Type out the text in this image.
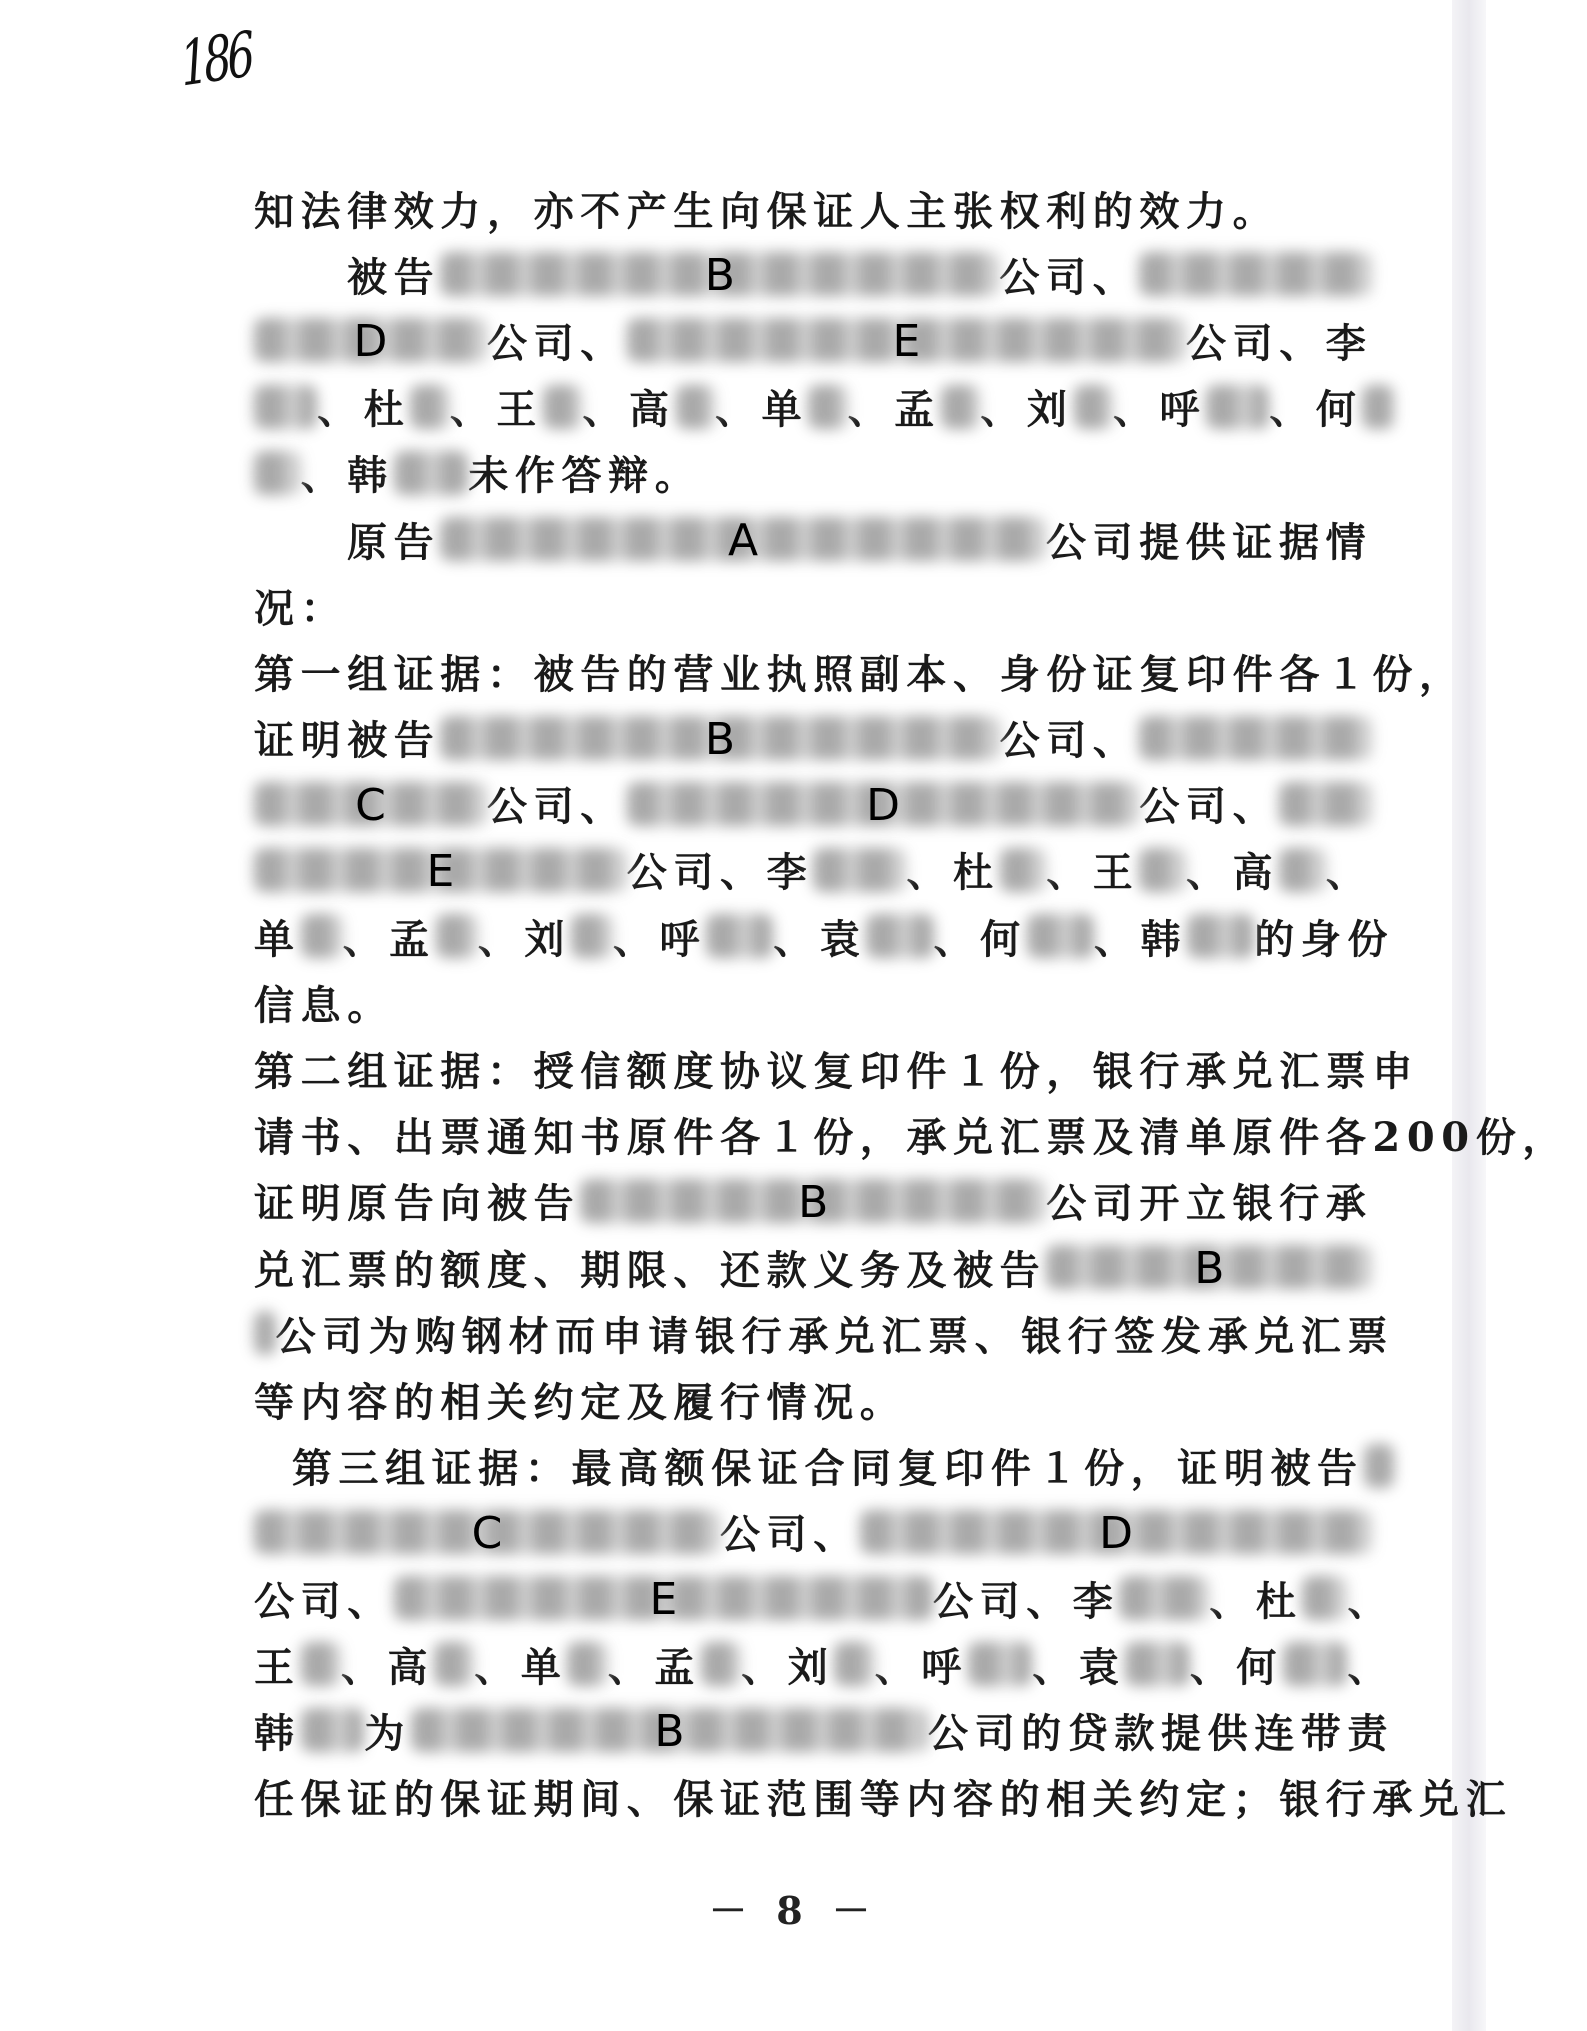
186
知法律效力，亦不产生向保证人主张权利的效力。
被告	B	公司、
D	公司、	E	公司、李
、杜 、王 、高 、单 、孟 、刘 、呼 、何
、韩 未作答辩。
原告	A	公司提供证据情
况：
第一组证据：被告的营业执照副本、身份证复印件各１份，
证明被告	B	公司、
C	公司、	D	公司、
E	公司、李 、杜 、王 、高 、
单 、孟 、刘 、呼 、袁 、何 、韩 的身份
信息。
第二组证据：授信额度协议复印件１份，银行承兑汇票申
请书、出票通知书原件各１份，承兑汇票及清单原件各200份，
证明原告向被告	B	公司开立银行承
兑汇票的额度、期限、还款义务及被告	B
公司为购钢材而申请银行承兑汇票、银行签发承兑汇票
等内容的相关约定及履行情况。
第三组证据：最高额保证合同复印件１份，证明被告
C	公司、	D
公司、	E	公司、李 、杜 、
王 、高 、单 、孟 、刘 、呼 、袁 、何 、
韩 为	B	公司的贷款提供连带责
任保证的保证期间、保证范围等内容的相关约定；银行承兑汇
－ 8 －
